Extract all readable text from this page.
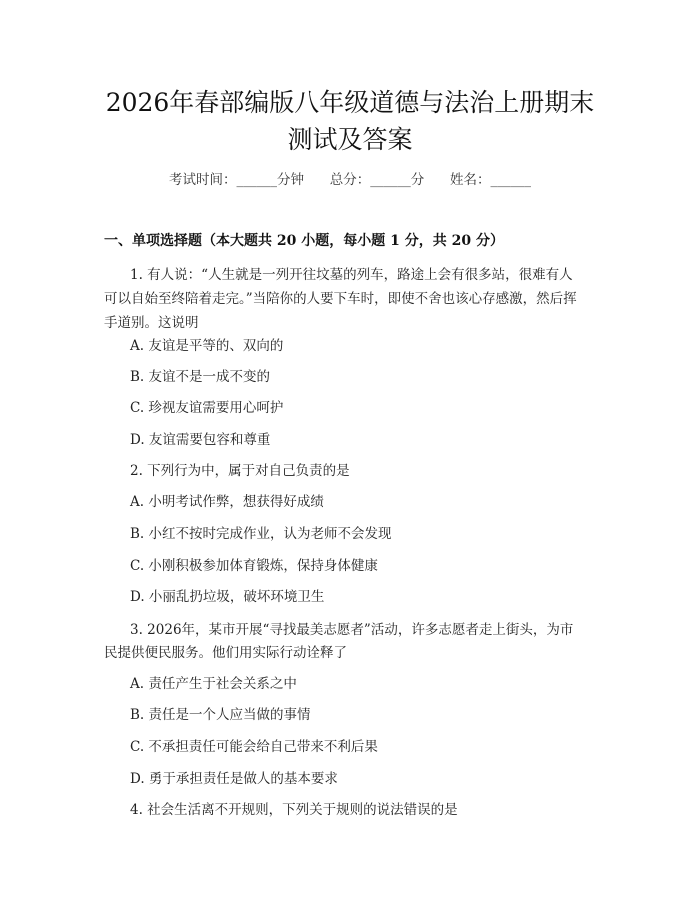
2026年春部编版八年级道德与法治上册期末
测试及答案
考试时间：______分钟      总分：______分      姓名：______
一、单项选择题（本大题共 20 小题，每小题 1 分，共 20 分）
1. 有人说：“人生就是一列开往坟墓的列车，路途上会有很多站，很难有人
可以自始至终陪着走完。”当陪你的人要下车时，即使不舍也该心存感激，然后挥
手道别。这说明
A. 友谊是平等的、双向的
B. 友谊不是一成不变的
C. 珍视友谊需要用心呵护
D. 友谊需要包容和尊重
2. 下列行为中，属于对自己负责的是
A. 小明考试作弊，想获得好成绩
B. 小红不按时完成作业，认为老师不会发现
C. 小刚积极参加体育锻炼，保持身体健康
D. 小丽乱扔垃圾，破坏环境卫生
3. 2026年，某市开展“寻找最美志愿者”活动，许多志愿者走上街头，为市
民提供便民服务。他们用实际行动诠释了
A. 责任产生于社会关系之中
B. 责任是一个人应当做的事情
C. 不承担责任可能会给自己带来不利后果
D. 勇于承担责任是做人的基本要求
4. 社会生活离不开规则，下列关于规则的说法错误的是
